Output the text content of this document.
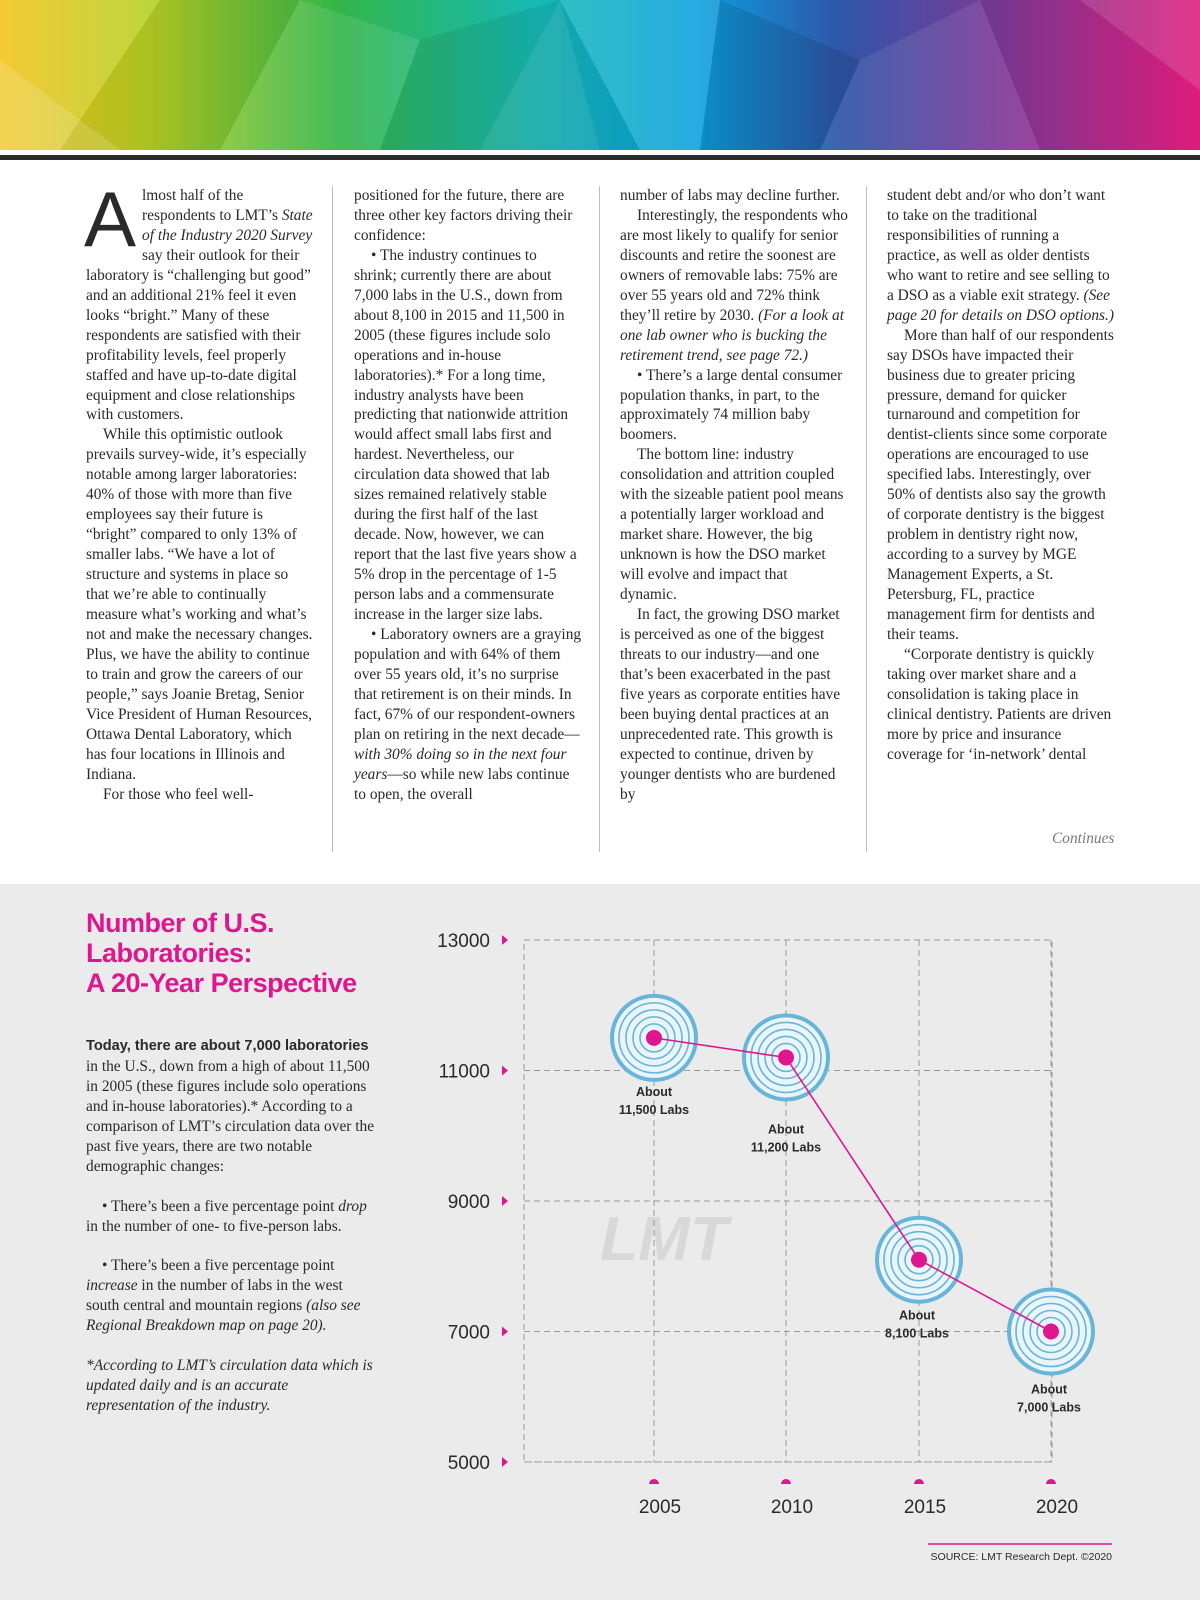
Almost half of the respondents to LMT’s State of the Industry 2020 Survey say their outlook for their laboratory is “challenging but good” and an additional 21% feel it even looks “bright.” Many of these respondents are satisfied with their profitability levels, feel properly staffed and have up-to-date digital equipment and close relationships with customers.

While this optimistic outlook prevails survey-wide, it’s especially notable among larger laboratories: 40% of those with more than five employees say their future is “bright” compared to only 13% of smaller labs. “We have a lot of structure and systems in place so that we’re able to continually measure what’s working and what’s not and make the necessary changes. Plus, we have the ability to continue to train and grow the careers of our people,” says Joanie Bretag, Senior Vice President of Human Resources, Ottawa Dental Laboratory, which has four locations in Illinois and Indiana.

For those who feel well-

positioned for the future, there are three other key factors driving their confidence:

• The industry continues to shrink; currently there are about 7,000 labs in the U.S., down from about 8,100 in 2015 and 11,500 in 2005 (these figures include solo operations and in-house laboratories).* For a long time, industry analysts have been predicting that nationwide attrition would affect small labs first and hardest. Nevertheless, our circulation data showed that lab sizes remained relatively stable during the first half of the last decade. Now, however, we can report that the last five years show a 5% drop in the percentage of 1-5 person labs and a commensurate increase in the larger size labs.

• Laboratory owners are a graying population and with 64% of them over 55 years old, it’s no surprise that retirement is on their minds. In fact, 67% of our respondent-owners plan on retiring in the next decade—with 30% doing so in the next four years—so while new labs continue to open, the overall

number of labs may decline further.

Interestingly, the respondents who are most likely to qualify for senior discounts and retire the soonest are owners of removable labs: 75% are over 55 years old and 72% think they’ll retire by 2030. (For a look at one lab owner who is bucking the retirement trend, see page 72.)

• There’s a large dental consumer population thanks, in part, to the approximately 74 million baby boomers.

The bottom line: industry consolidation and attrition coupled with the sizeable patient pool means a potentially larger workload and market share. However, the big unknown is how the DSO market will evolve and impact that dynamic.

In fact, the growing DSO market is perceived as one of the biggest threats to our industry—and one that’s been exacerbated in the past five years as corporate entities have been buying dental practices at an unprecedented rate. This growth is expected to continue, driven by younger dentists who are burdened by

student debt and/or who don’t want to take on the traditional responsibilities of running a practice, as well as older dentists who want to retire and see selling to a DSO as a viable exit strategy. (See page 20 for details on DSO options.)

More than half of our respondents say DSOs have impacted their business due to greater pricing pressure, demand for quicker turnaround and competition for dentist-clients since some corporate operations are encouraged to use specified labs. Interestingly, over 50% of dentists also say the growth of corporate dentistry is the biggest problem in dentistry right now, according to a survey by MGE Management Experts, a St. Petersburg, FL, practice management firm for dentists and their teams.

“Corporate dentistry is quickly taking over market share and a consolidation is taking place in clinical dentistry. Patients are driven more by price and insurance coverage for ‘in-network’ dental

Continues
Number of U.S.
Laboratories:
A 20-Year Perspective

Today, there are about 7,000 laboratories in the U.S., down from a high of about 11,500 in 2005 (these figures include solo operations and in-house laboratories).* According to a comparison of LMT’s circulation data over the past five years, there are two notable demographic changes:

• There’s been a five percentage point drop in the number of one- to five-person labs.

• There’s been a five percentage point increase in the number of labs in the west south central and mountain regions (also see Regional Breakdown map on page 20).

*According to LMT’s circulation data which is updated daily and is an accurate representation of the industry.

LMT
13000
11000
9000
7000
5000
2005	2010	2015	2020
About
11,500 Labs
About
11,200 Labs
About
8,100 Labs
About
7,000 Labs
SOURCE: LMT Research Dept. ©2020
